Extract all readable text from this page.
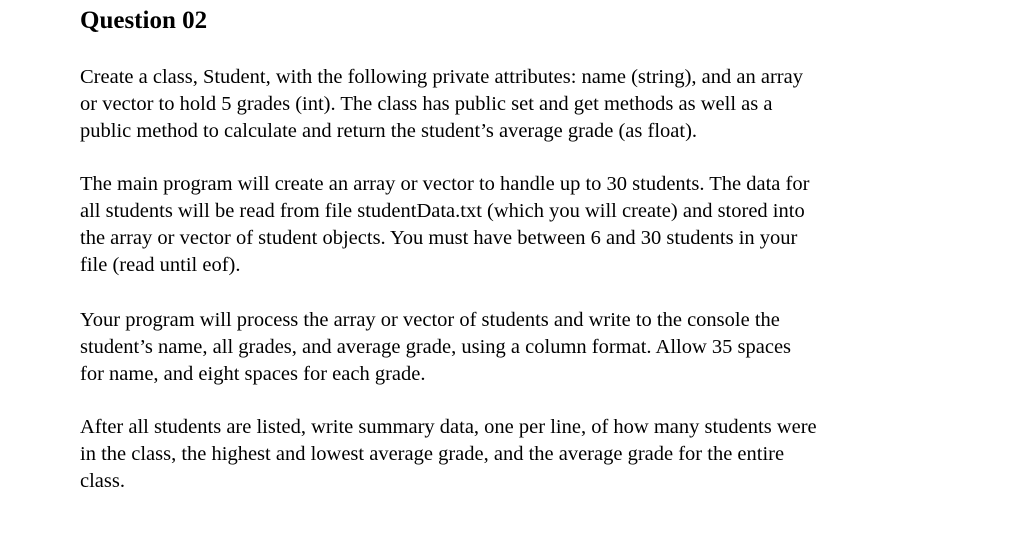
Question 02
Create a class, Student, with the following private attributes: name (string), and an array
or vector to hold 5 grades (int). The class has public set and get methods as well as a
public method to calculate and return the student’s average grade (as float).
The main program will create an array or vector to handle up to 30 students. The data for
all students will be read from file studentData.txt (which you will create) and stored into
the array or vector of student objects. You must have between 6 and 30 students in your
file (read until eof).
Your program will process the array or vector of students and write to the console the
student’s name, all grades, and average grade, using a column format. Allow 35 spaces
for name, and eight spaces for each grade.
After all students are listed, write summary data, one per line, of how many students were
in the class, the highest and lowest average grade, and the average grade for the entire
class.
